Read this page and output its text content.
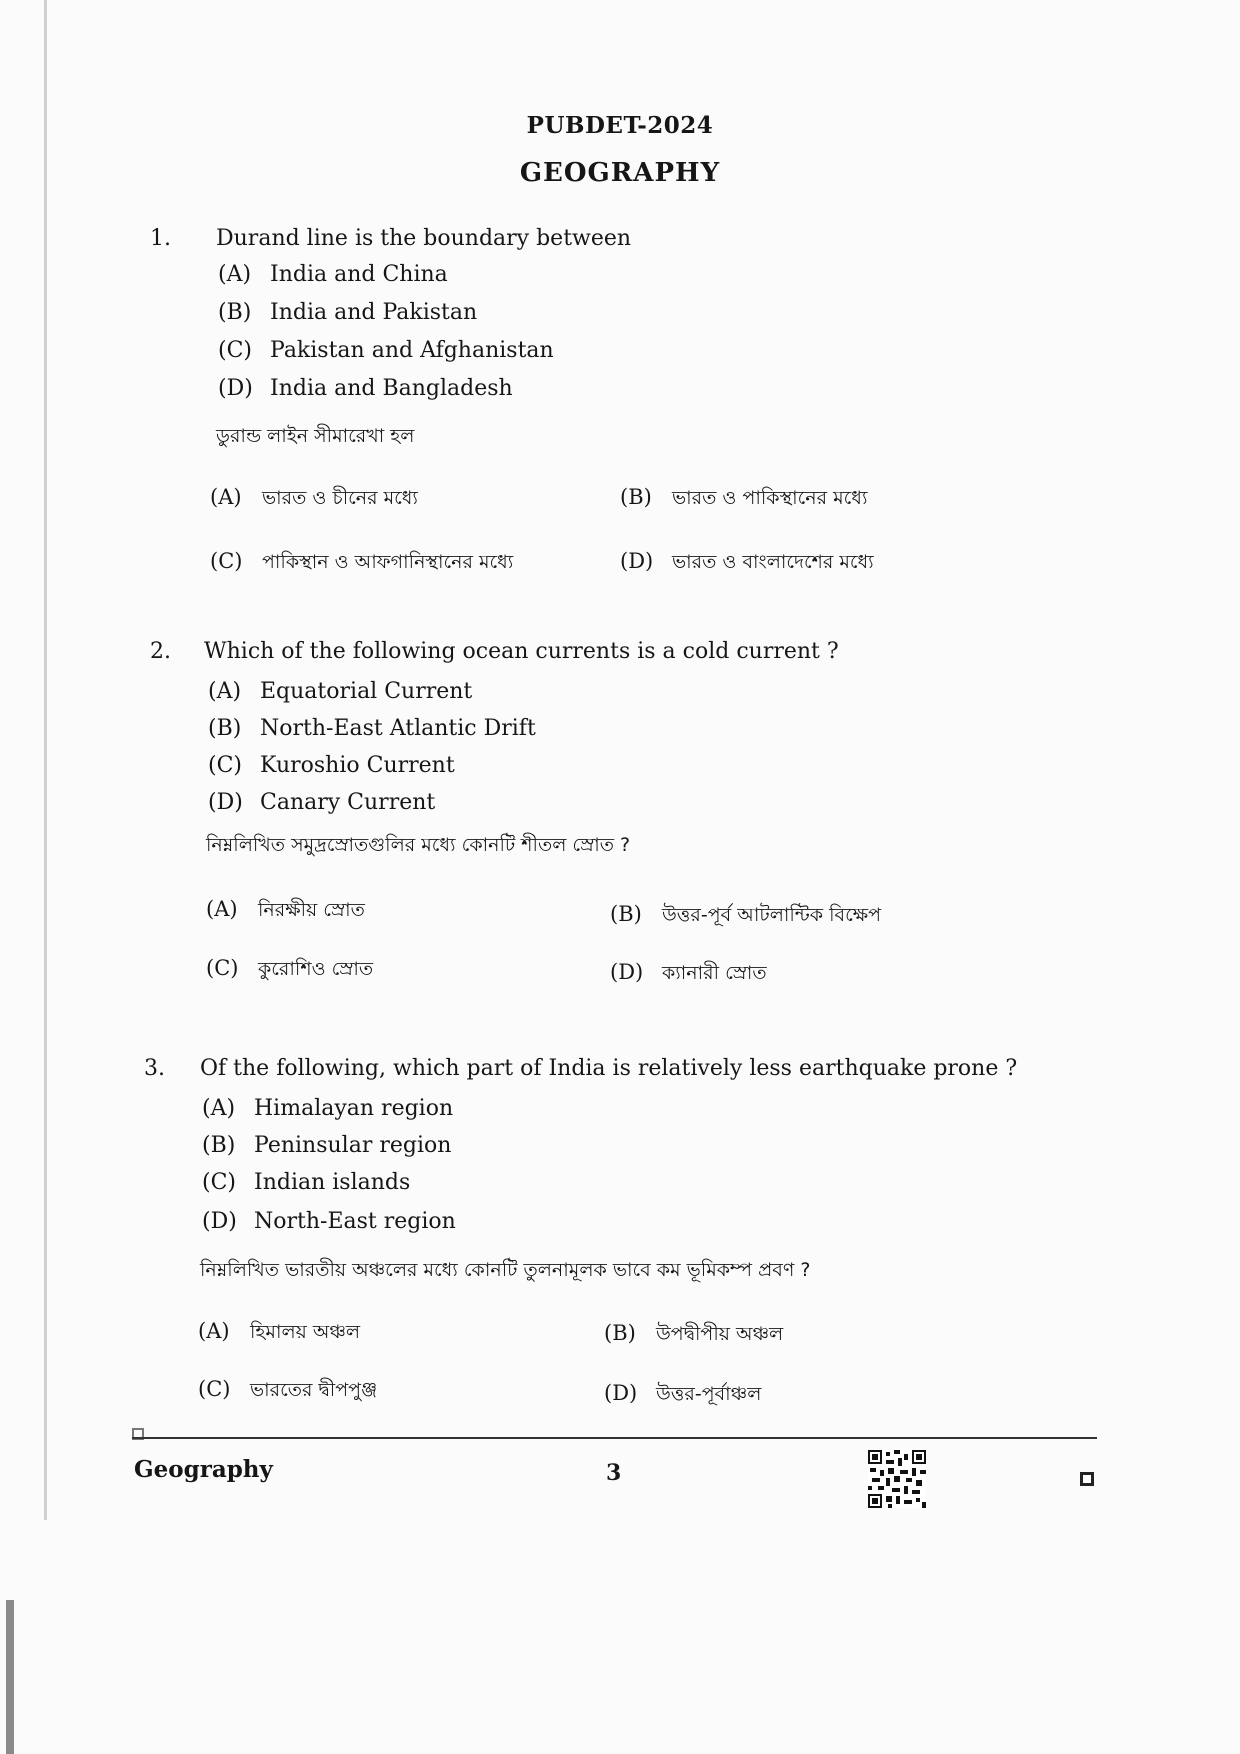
PUBDET-2024
GEOGRAPHY
1. Durand line is the boundary between
(A) India and China
(B) India and Pakistan
(C) Pakistan and Afghanistan
(D) India and Bangladesh
ডুরান্ড লাইন সীমারেখা হল
(A) ভারত ও চীনের মধ্যে	(B) ভারত ও পাকিস্থানের মধ্যে
(C) পাকিস্থান ও আফগানিস্থানের মধ্যে	(D) ভারত ও বাংলাদেশের মধ্যে
2. Which of the following ocean currents is a cold current ?
(A) Equatorial Current
(B) North-East Atlantic Drift
(C) Kuroshio Current
(D) Canary Current
নিম্নলিখিত সমুদ্রস্রোতগুলির মধ্যে কোনটি শীতল স্রোত ?
(A) নিরক্ষীয় স্রোত	(B) উত্তর-পূর্ব আটলান্টিক বিক্ষেপ
(C) কুরোশিও স্রোত	(D) ক্যানারী স্রোত
3. Of the following, which part of India is relatively less earthquake prone ?
(A) Himalayan region
(B) Peninsular region
(C) Indian islands
(D) North-East region
নিম্নলিখিত ভারতীয় অঞ্চলের মধ্যে কোনটি তুলনামূলক ভাবে কম ভূমিকম্প প্রবণ ?
(A) হিমালয় অঞ্চল	(B) উপদ্বীপীয় অঞ্চল
(C) ভারতের দ্বীপপুঞ্জ	(D) উত্তর-পূর্বাঞ্চল
Geography	3
